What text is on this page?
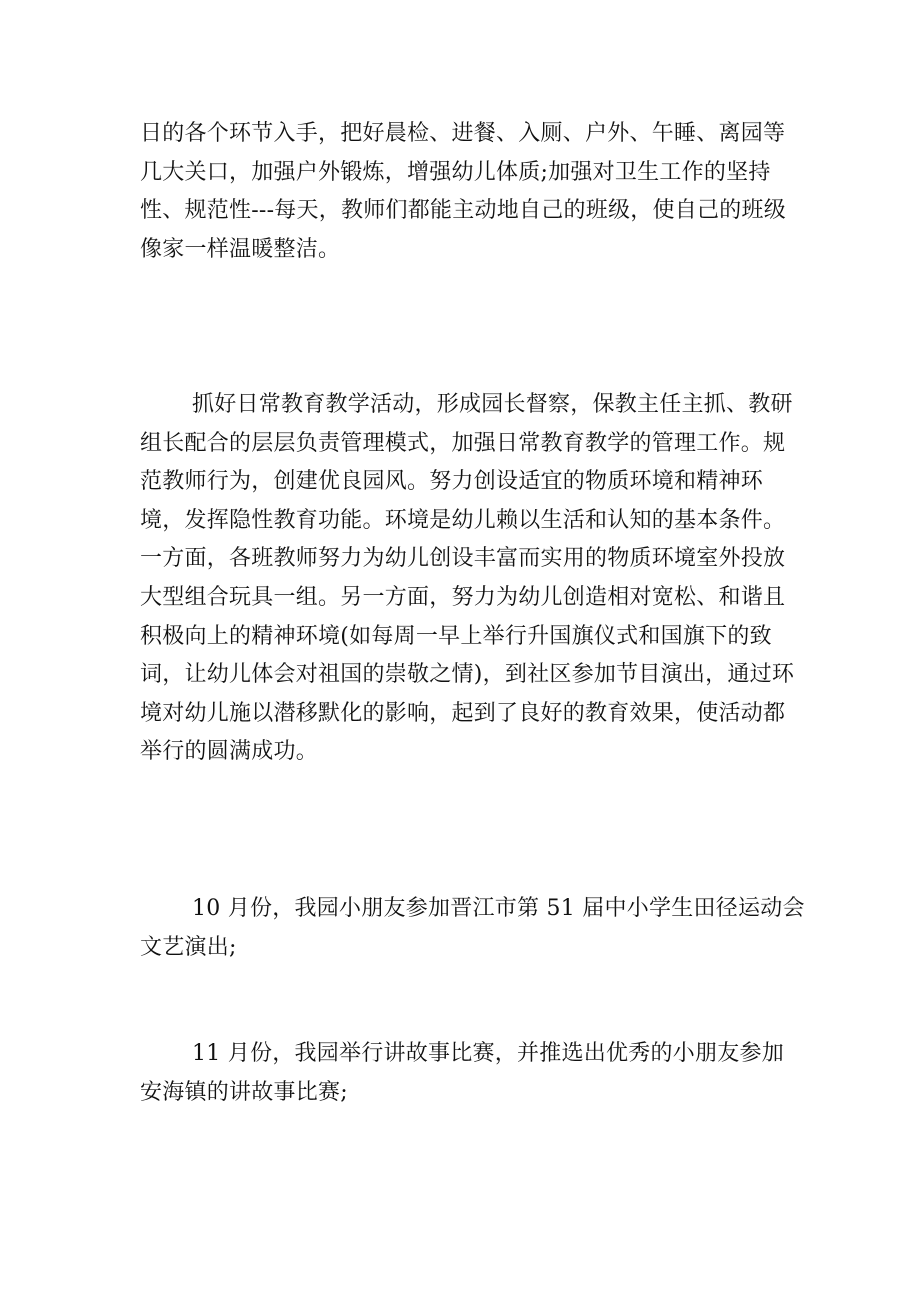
日的各个环节入手，把好晨检、进餐、入厕、户外、午睡、离园等
几大关口，加强户外锻炼，增强幼儿体质;加强对卫生工作的坚持
性、规范性---每天，教师们都能主动地自己的班级，使自己的班级
像家一样温暖整洁。
抓好日常教育教学活动，形成园长督察，保教主任主抓、教研
组长配合的层层负责管理模式，加强日常教育教学的管理工作。规
范教师行为，创建优良园风。努力创设适宜的物质环境和精神环
境，发挥隐性教育功能。环境是幼儿赖以生活和认知的基本条件。
一方面，各班教师努力为幼儿创设丰富而实用的物质环境室外投放
大型组合玩具一组。另一方面，努力为幼儿创造相对宽松、和谐且
积极向上的精神环境(如每周一早上举行升国旗仪式和国旗下的致
词，让幼儿体会对祖国的崇敬之情)，到社区参加节目演出，通过环
境对幼儿施以潜移默化的影响，起到了良好的教育效果，使活动都
举行的圆满成功。
10 月份，我园小朋友参加晋江市第 51 届中小学生田径运动会
文艺演出;
11 月份，我园举行讲故事比赛，并推选出优秀的小朋友参加
安海镇的讲故事比赛;
